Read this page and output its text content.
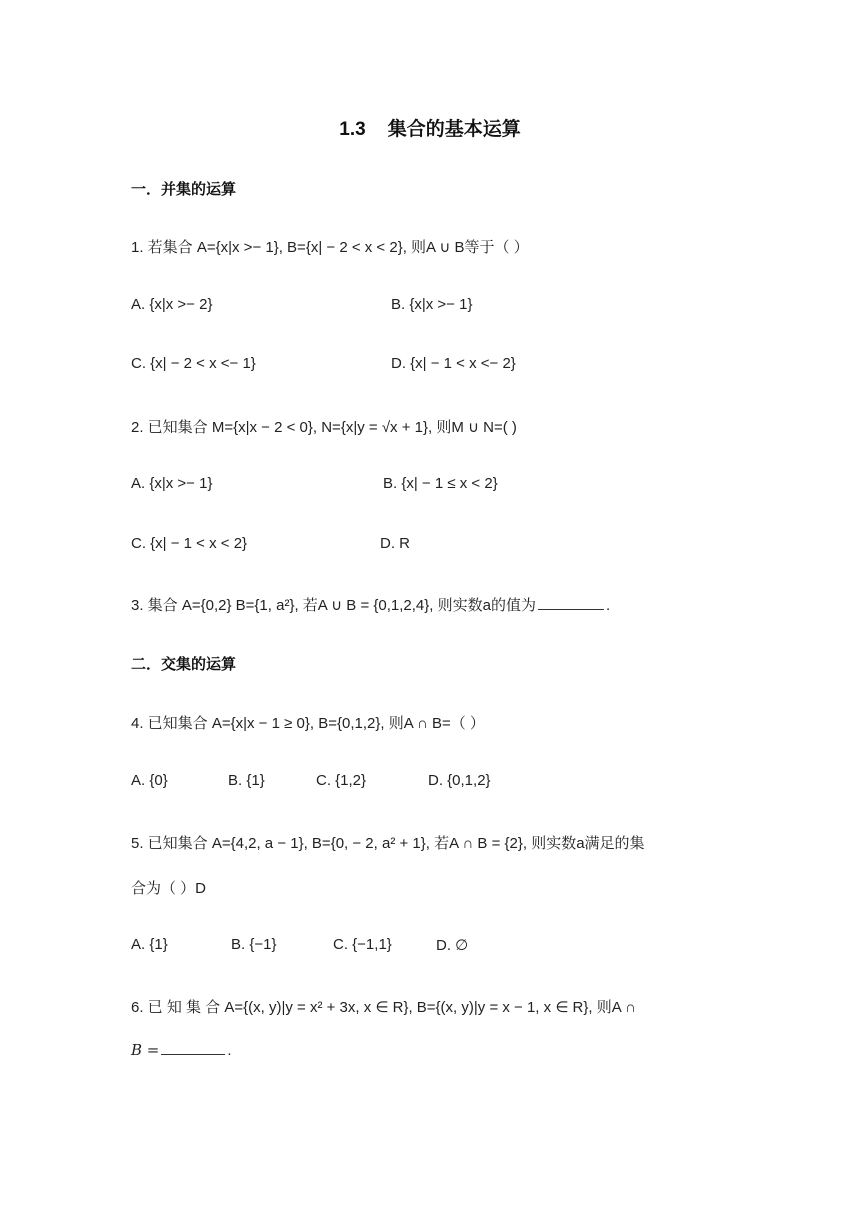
1.3 集合的基本运算
一．并集的运算
1. 若集合 A={x|x >− 1}, B={x| − 2 < x < 2}, 则A ∪ B等于（ ）
A. {x|x >− 2}	B. {x|x >− 1}
C. {x| − 2 < x <− 1}	D. {x| − 1 < x <− 2}
2. 已知集合 M={x|x − 2 < 0}, N={x|y = √x + 1}, 则M ∪ N=( )
A. {x|x >− 1}	B. {x| − 1 ≤ x < 2}
C. {x| − 1 < x < 2}	D. R
3. 集合 A={0,2} B={1, a²}, 若A ∪ B = {0,1,2,4}, 则实数a的值为	.
二．交集的运算
4. 已知集合 A={x|x − 1 ≥ 0}, B={0,1,2}, 则A ∩ B=（ ）
A. {0}	B. {1}	C. {1,2}	D. {0,1,2}
5. 已知集合 A={4,2, a − 1}, B={0, − 2, a² + 1}, 若A ∩ B = {2}, 则实数a满足的集
合为（ ）D
A. {1}	B. {−1}	C. {−1,1}	D. ∅
6. 已 知 集 合 A={(x, y)|y = x² + 3x, x ∈ R}, B={(x, y)|y = x − 1, x ∈ R}, 则A ∩
B =	.
